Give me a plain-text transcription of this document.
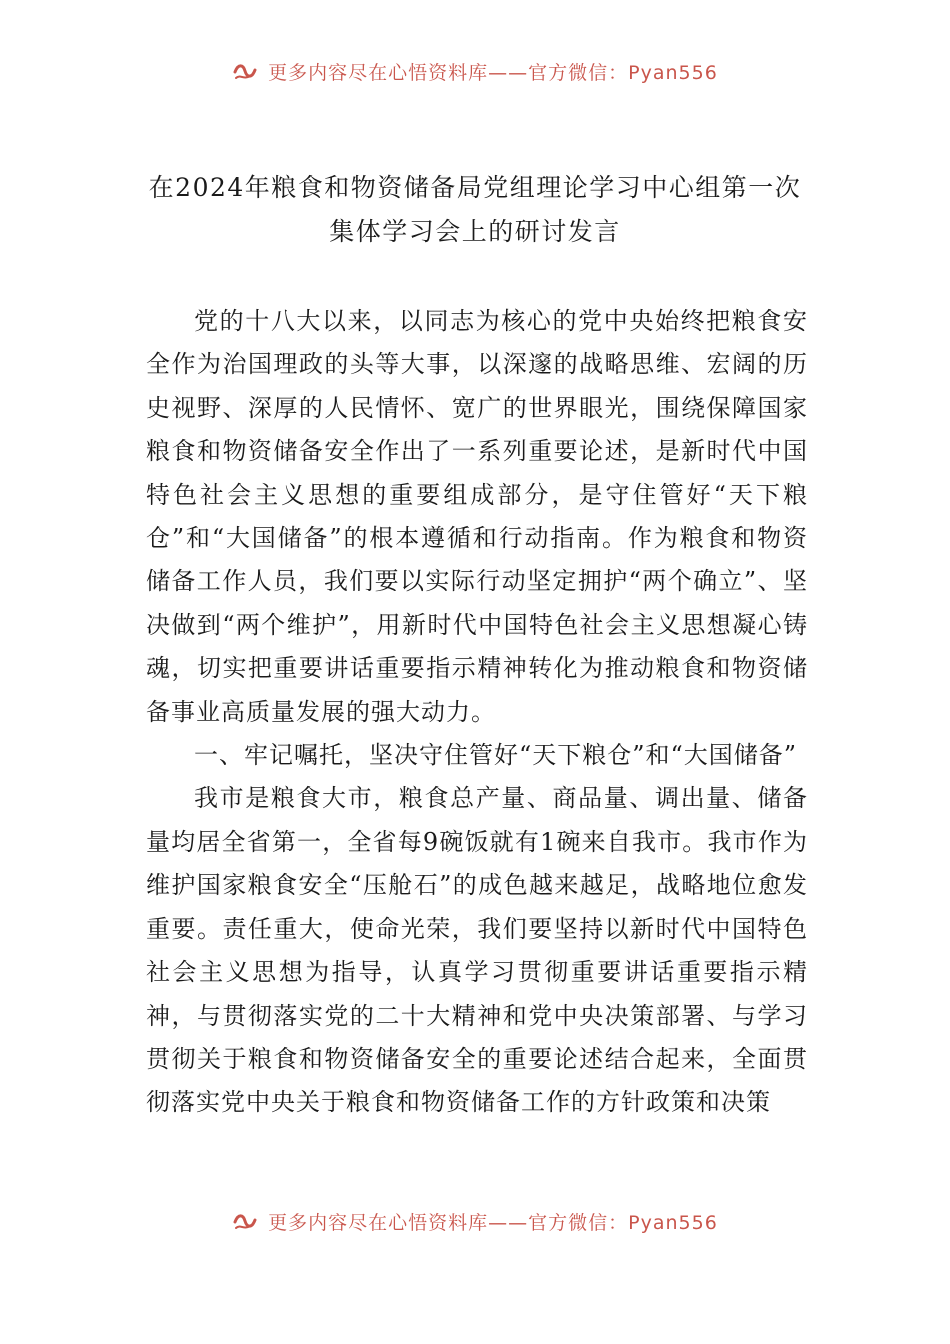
更多内容尽在心悟资料库——官方微信：Pyan556
在2024年粮食和物资储备局党组理论学习中心组第一次集体学习会上的研讨发言

党的十八大以来，以同志为核心的党中央始终把粮食安全作为治国理政的头等大事，以深邃的战略思维、宏阔的历史视野、深厚的人民情怀、宽广的世界眼光，围绕保障国家粮食和物资储备安全作出了一系列重要论述，是新时代中国特色社会主义思想的重要组成部分，是守住管好“天下粮仓”和“大国储备”的根本遵循和行动指南。作为粮食和物资储备工作人员，我们要以实际行动坚定拥护“两个确立”、坚决做到“两个维护”，用新时代中国特色社会主义思想凝心铸魂，切实把重要讲话重要指示精神转化为推动粮食和物资储备事业高质量发展的强大动力。

一、牢记嘱托，坚决守住管好“天下粮仓”和“大国储备”

我市是粮食大市，粮食总产量、商品量、调出量、储备量均居全省第一，全省每9碗饭就有1碗来自我市。我市作为维护国家粮食安全“压舱石”的成色越来越足，战略地位愈发重要。责任重大，使命光荣，我们要坚持以新时代中国特色社会主义思想为指导，认真学习贯彻重要讲话重要指示精神，与贯彻落实党的二十大精神和党中央决策部署、与学习贯彻关于粮食和物资储备安全的重要论述结合起来，全面贯彻落实党中央关于粮食和物资储备工作的方针政策和决策

更多内容尽在心悟资料库——官方微信：Pyan556
